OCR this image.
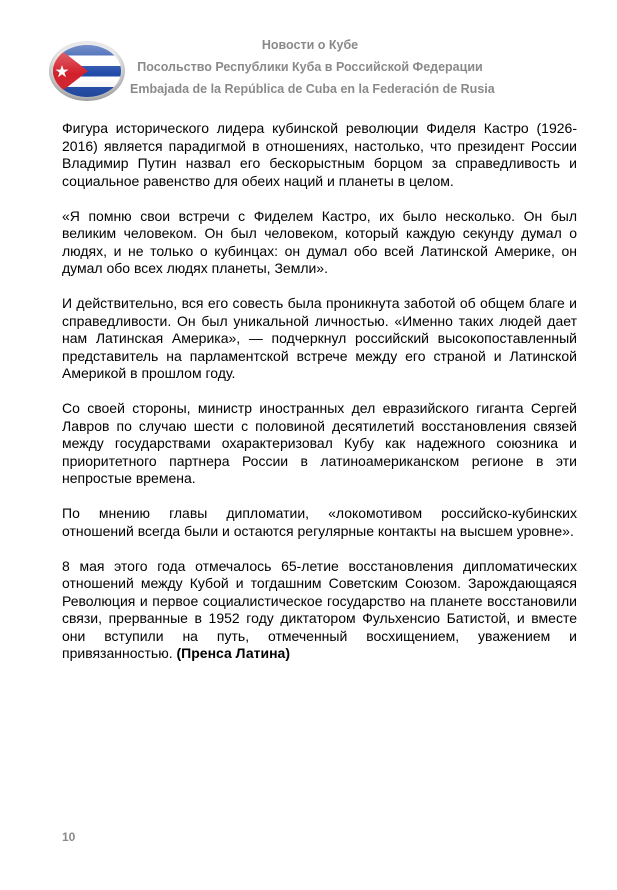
Новости о Кубе
Посольство Республики Куба в Российской Федерации
Embajada de la República de Cuba en la Federación de Rusia

Фигура исторического лидера кубинской революции Фиделя Кастро (1926-2016) является парадигмой в отношениях, настолько, что президент России Владимир Путин назвал его бескорыстным борцом за справедливость и социальное равенство для обеих наций и планеты в целом.

«Я помню свои встречи с Фиделем Кастро, их было несколько. Он был великим человеком. Он был человеком, который каждую секунду думал о людях, и не только о кубинцах: он думал обо всей Латинской Америке, он думал обо всех людях планеты, Земли».

И действительно, вся его совесть была проникнута заботой об общем благе и справедливости. Он был уникальной личностью. «Именно таких людей дает нам Латинская Америка», — подчеркнул российский высокопоставленный представитель на парламентской встрече между его страной и Латинской Америкой в прошлом году.

Со своей стороны, министр иностранных дел евразийского гиганта Сергей Лавров по случаю шести с половиной десятилетий восстановления связей между государствами охарактеризовал Кубу как надежного союзника и приоритетного партнера России в латиноамериканском регионе в эти непростые времена.

По мнению главы дипломатии, «локомотивом российско-кубинских отношений всегда были и остаются регулярные контакты на высшем уровне».

8 мая этого года отмечалось 65-летие восстановления дипломатических отношений между Кубой и тогдашним Советским Союзом. Зарождающаяся Революция и первое социалистическое государство на планете восстановили связи, прерванные в 1952 году диктатором Фульхенсио Батистой, и вместе они вступили на путь, отмеченный восхищением, уважением и привязанностью. (Пренса Латина)

10
